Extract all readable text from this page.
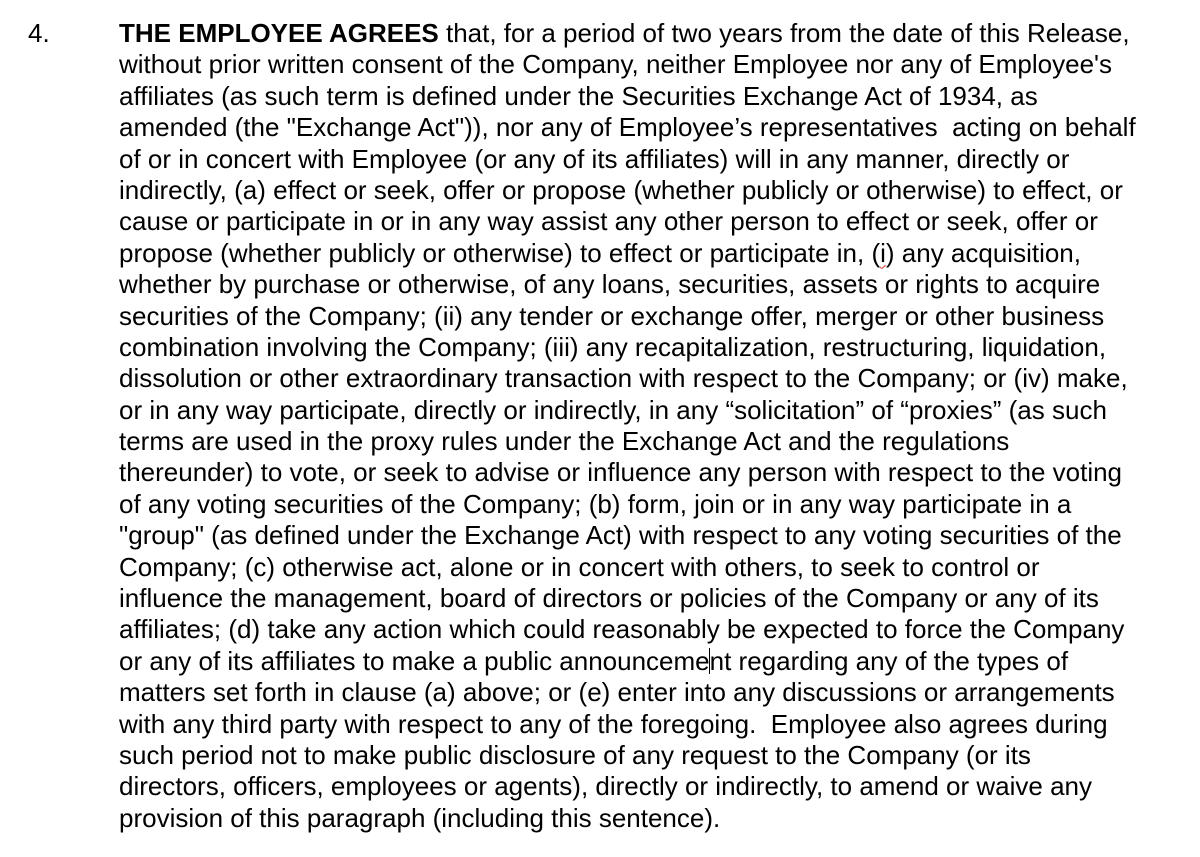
4.	THE EMPLOYEE AGREES that, for a period of two years from the date of this Release,
without prior written consent of the Company, neither Employee nor any of Employee's
affiliates (as such term is defined under the Securities Exchange Act of 1934, as
amended (the "Exchange Act")), nor any of Employee’s representatives  acting on behalf
of or in concert with Employee (or any of its affiliates) will in any manner, directly or
indirectly, (a) effect or seek, offer or propose (whether publicly or otherwise) to effect, or
cause or participate in or in any way assist any other person to effect or seek, offer or
propose (whether publicly or otherwise) to effect or participate in, (i) any acquisition,
whether by purchase or otherwise, of any loans, securities, assets or rights to acquire
securities of the Company; (ii) any tender or exchange offer, merger or other business
combination involving the Company; (iii) any recapitalization, restructuring, liquidation,
dissolution or other extraordinary transaction with respect to the Company; or (iv) make,
or in any way participate, directly or indirectly, in any “solicitation” of “proxies” (as such
terms are used in the proxy rules under the Exchange Act and the regulations
thereunder) to vote, or seek to advise or influence any person with respect to the voting
of any voting securities of the Company; (b) form, join or in any way participate in a
"group" (as defined under the Exchange Act) with respect to any voting securities of the
Company; (c) otherwise act, alone or in concert with others, to seek to control or
influence the management, board of directors or policies of the Company or any of its
affiliates; (d) take any action which could reasonably be expected to force the Company
or any of its affiliates to make a public announcement regarding any of the types of
matters set forth in clause (a) above; or (e) enter into any discussions or arrangements
with any third party with respect to any of the foregoing.  Employee also agrees during
such period not to make public disclosure of any request to the Company (or its
directors, officers, employees or agents), directly or indirectly, to amend or waive any
provision of this paragraph (including this sentence).
